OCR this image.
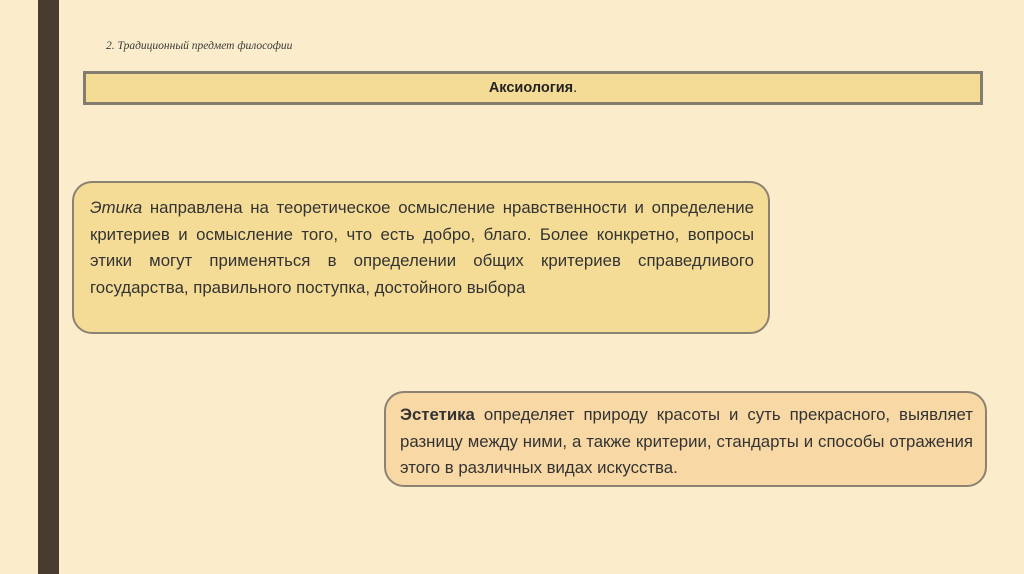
2. Традиционный предмет философии

Аксиология .
Этика направлена на теоретическое осмысление нравственности и определение критериев и осмысление того, что есть добро, благо. Более конкретно, вопросы этики могут применяться в определении общих критериев справедливого государства, правильного поступка, достойного выбора
Эстетика определяет природу красоты и суть прекрасного, выявляет разницу между ними, а также критерии, стандарты и способы отражения этого в различных видах искусства.
